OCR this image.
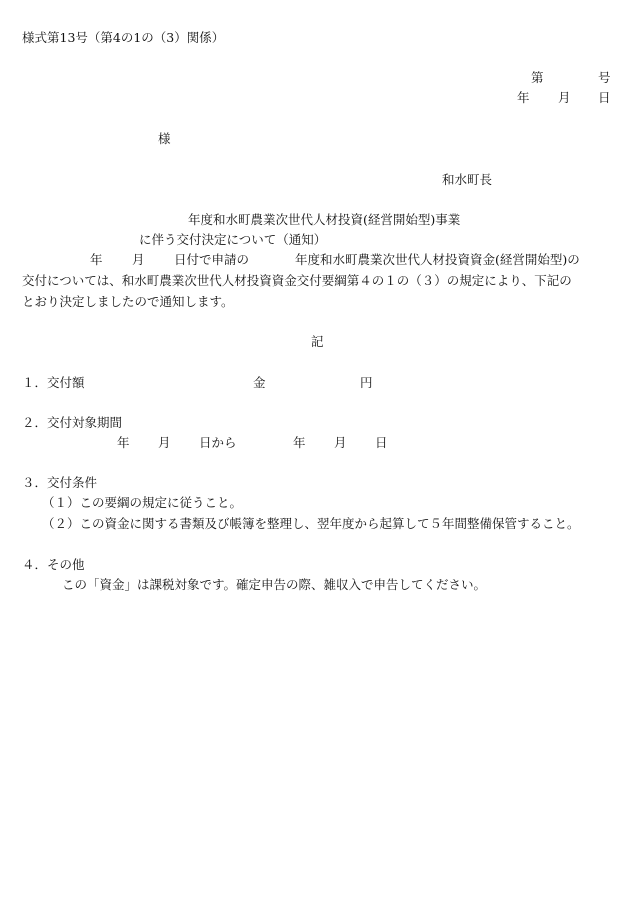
様式第13号（第4の1の（3）関係）
第	号
年 月 日
様
和水町長
年度和水町農業次世代人材投資(経営開始型)事業
に伴う交付決定について（通知）
年 月 日付で申請の	年度和水町農業次世代人材投資資金(経営開始型)の
交付については、和水町農業次世代人材投資資金交付要綱第４の１の（３）の規定により、下記の
とおり決定しましたので通知します。
記
１．交付額	金	円
２．交付対象期間
年 月 日から	年 月 日
３．交付条件
（１）この要綱の規定に従うこと。
（２）この資金に関する書類及び帳簿を整理し、翌年度から起算して５年間整備保管すること。
４．その他
この「資金」は課税対象です。確定申告の際、雑収入で申告してください。
